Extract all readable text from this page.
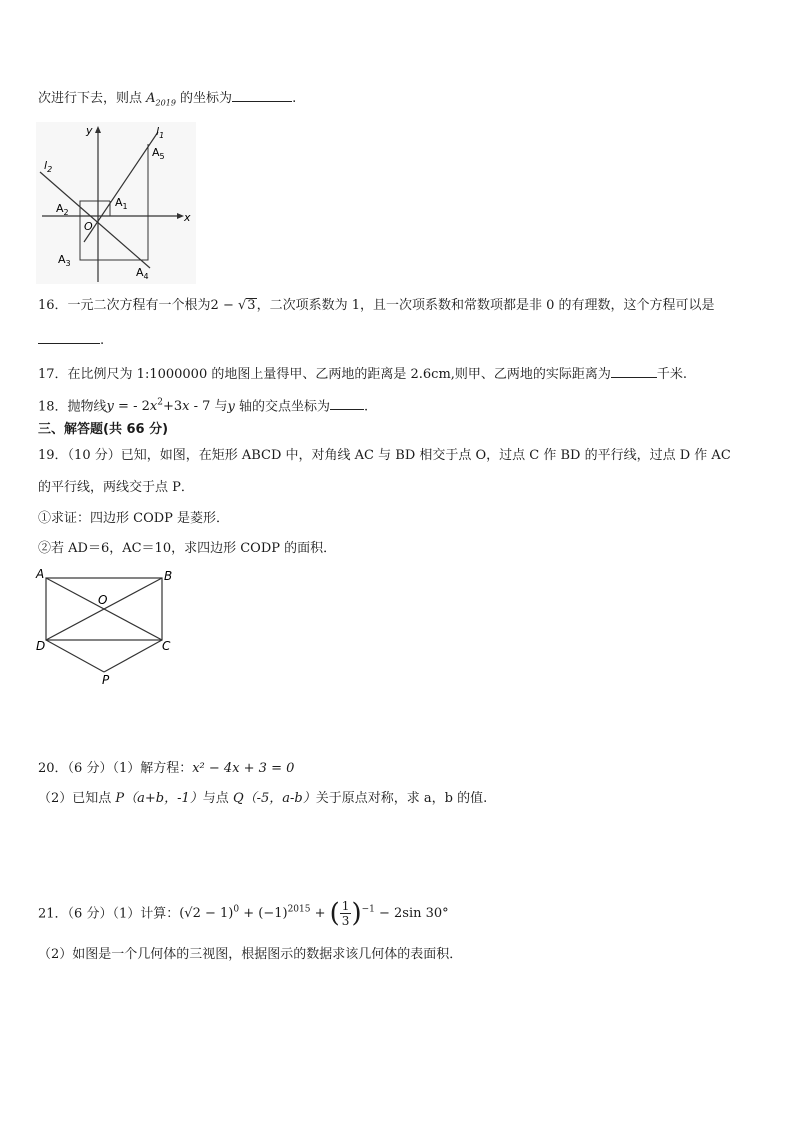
次进行下去，则点 $A_{2019}$ 的坐标为	.
y
x
$l_1$
$l_2$
O
$A_1$
$A_2$
$A_3$
$A_4$
$A_5$
16．一元二次方程有一个根为2 − √3，二次项系数为 1，且一次项系数和常数项都是非 0 的有理数，这个方程可以是
.
17．在比例尺为 1:1000000 的地图上量得甲、乙两地的距离是 2.6cm,则甲、乙两地的实际距离为	千米.
18．抛物线y = - $2x^2+3x - 7$ 与y 轴的交点坐标为	.
三、解答题(共 66 分)
19．（10 分）已知，如图，在矩形 ABCD 中，对角线 AC 与 BD 相交于点 O，过点 C 作 BD 的平行线，过点 D 作 AC
的平行线，两线交于点 P．
①求证：四边形 CODP 是菱形．
②若 AD＝6，AC＝10，求四边形 CODP 的面积．
A	B
O
D	C
P
20．（6 分）（1）解方程：x² − 4x + 3 = 0
（2）已知点 P（a+b，-1）与点 Q（-5，a-b）关于原点对称，求 a，b 的值.
21．（6 分）（1）计算：$(√2 - 1)^0 + (-1)^{2015}$ + ( $\frac{1}{3} )^{-1} - 2\sin$ 30°
（2）如图是一个几何体的三视图，根据图示的数据求该几何体的表面积．
